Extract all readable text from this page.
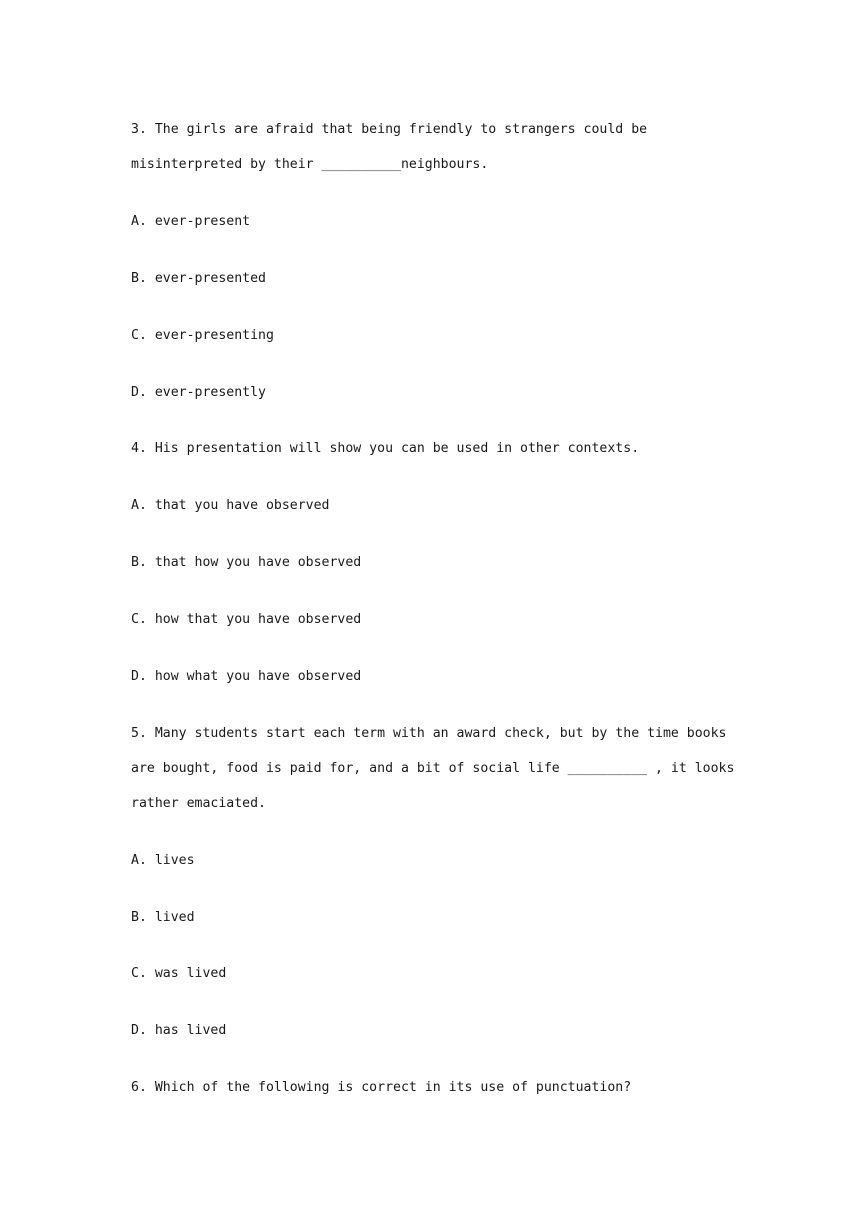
3. The girls are afraid that being friendly to strangers could be
misinterpreted by their __________neighbours.
A. ever-present
B. ever-presented
C. ever-presenting
D. ever-presently
4. His presentation will show you can be used in other contexts.
A. that you have observed
B. that how you have observed
C. how that you have observed
D. how what you have observed
5. Many students start each term with an award check, but by the time books
are bought, food is paid for, and a bit of social life __________ , it looks
rather emaciated.
A. lives
B. lived
C. was lived
D. has lived
6. Which of the following is correct in its use of punctuation?
